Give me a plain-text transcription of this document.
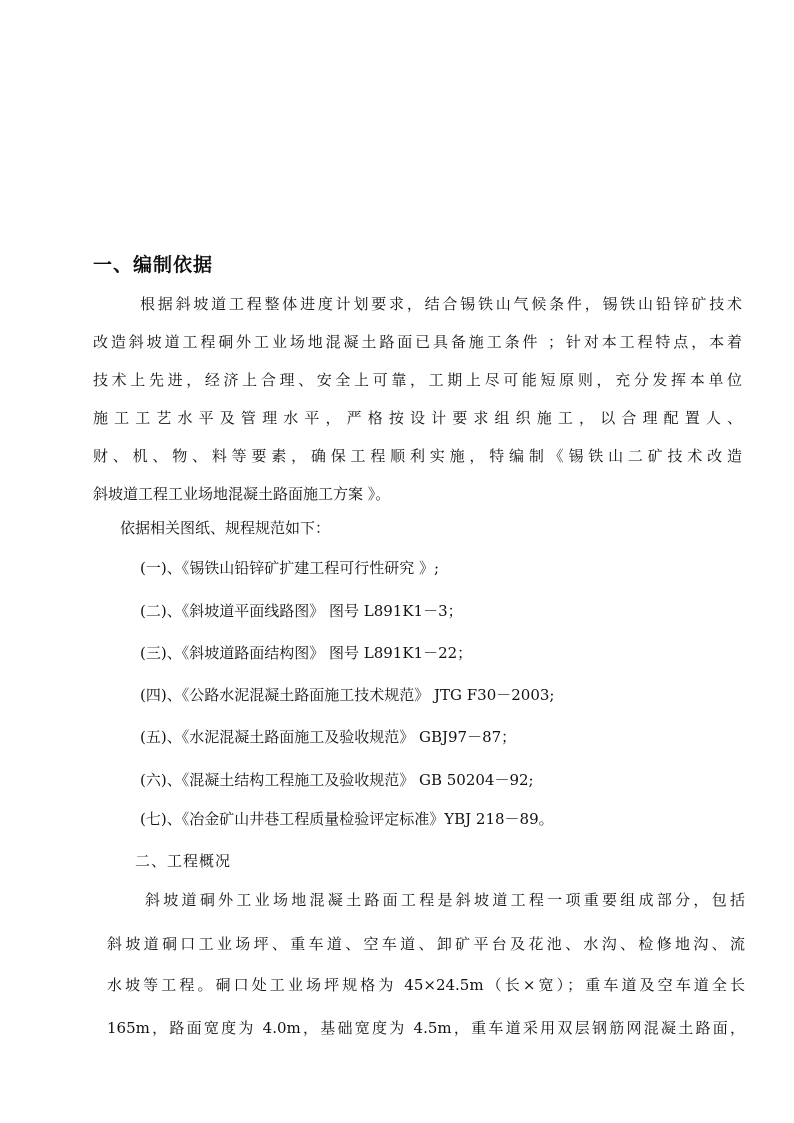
一、编制依据
根据斜坡道工程整体进度计划要求，结合锡铁山气候条件，锡铁山铅锌矿技术
改造斜坡道工程硐外工业场地混凝土路面已具备施工条件 ；针对本工程特点，本着
技术上先进，经济上合理、安全上可靠，工期上尽可能短原则，充分发挥本单位
施工工艺水平及管理水平，严格按设计要求组织施工，以合理配置人、
财、机、物、料等要素，确保工程顺利实施，特编制《锡铁山二矿技术改造
斜坡道工程工业场地混凝土路面施工方案 》。
依据相关图纸、规程规范如下：
(一)、《锡铁山铅锌矿扩建工程可行性研究 》;
(二)、《斜坡道平面线路图》 图号 L891K1－3；
(三)、《斜坡道路面结构图》 图号 L891K1－22；
(四)、《公路水泥混凝土路面施工技术规范》 JTG F30－2003;
(五)、《水泥混凝土路面施工及验收规范》 GBJ97－87；
(六)、《混凝土结构工程施工及验收规范》 GB 50204－92;
(七)、《冶金矿山井巷工程质量检验评定标准》YBJ 218－89。
二、工程概况
斜坡道硐外工业场地混凝土路面工程是斜坡道工程一项重要组成部分，包括
斜坡道硐口工业场坪、重车道、空车道、卸矿平台及花池、水沟、检修地沟、流
水坡等工程。硐口处工业场坪规格为 45×24.5m（长×宽）；重车道及空车道全长
165m，路面宽度为 4.0m，基础宽度为 4.5m，重车道采用双层钢筋网混凝土路面，
